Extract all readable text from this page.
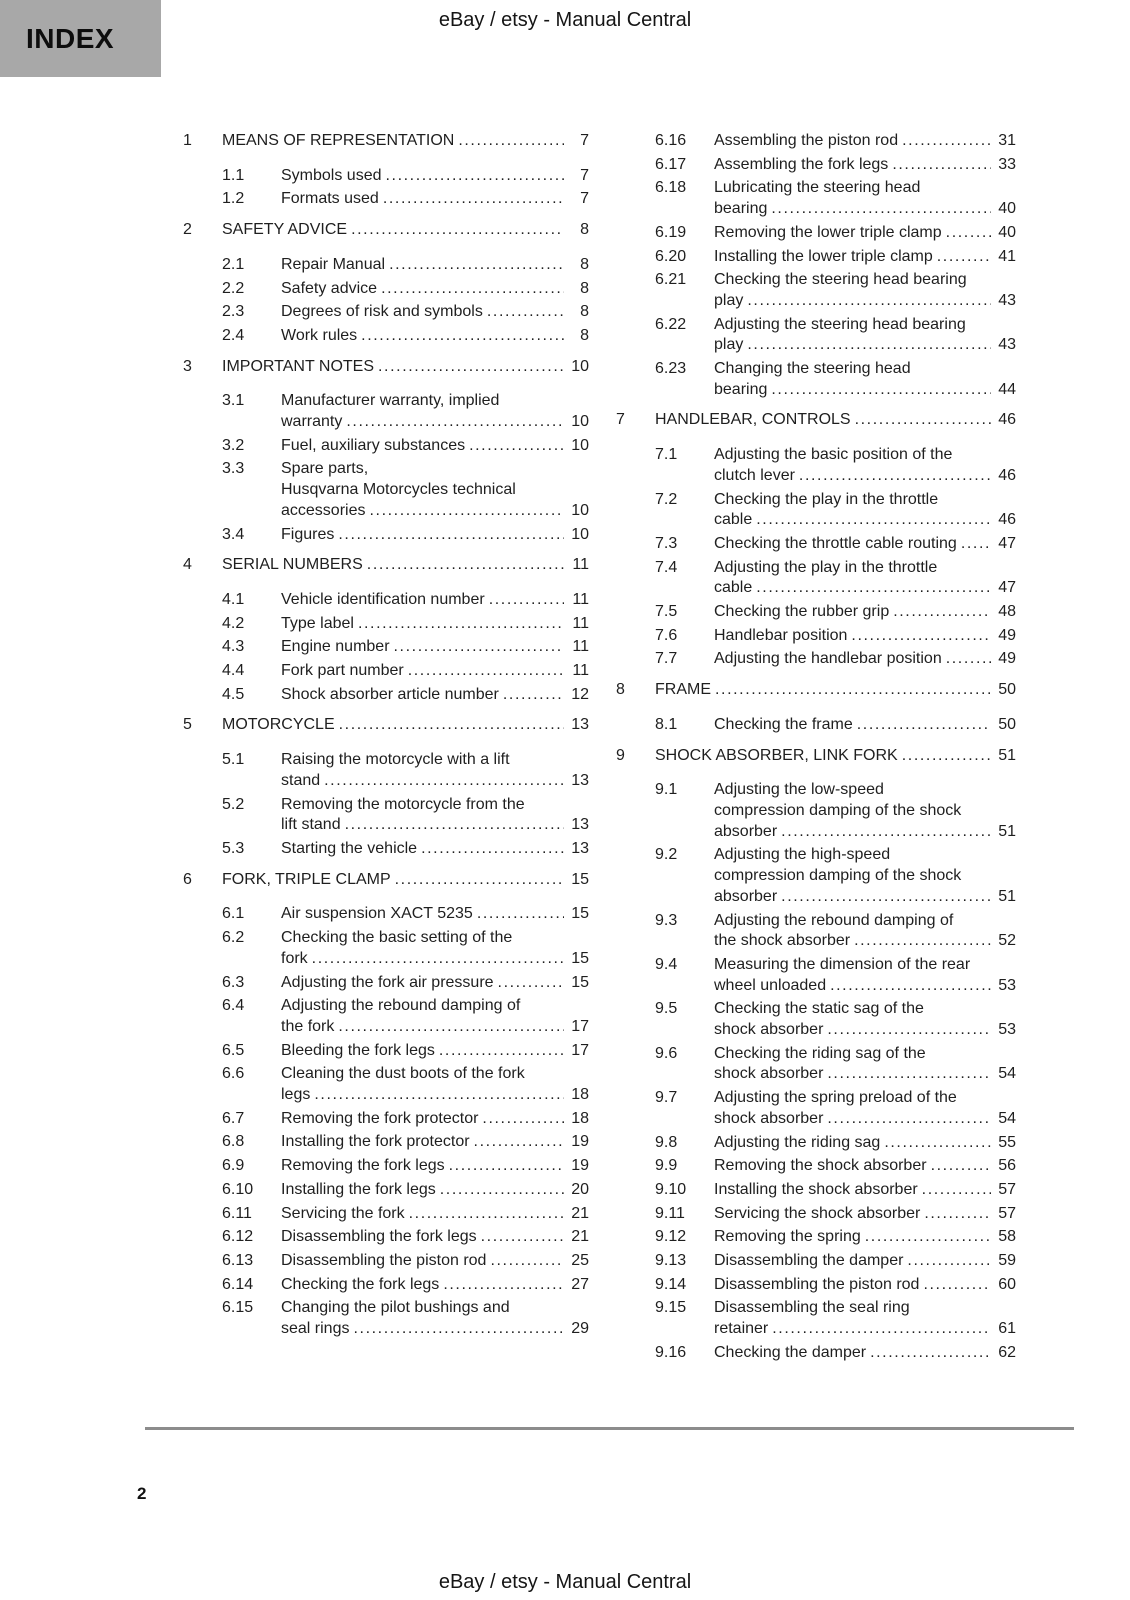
INDEX
eBay / etsy - Manual Central
1	MEANS OF REPRESENTATION .....	7
1.1	Symbols used .....	7
1.2	Formats used .....	7
2	SAFETY ADVICE .....	8
2.1	Repair Manual .....	8
2.2	Safety advice .....	8
2.3	Degrees of risk and symbols .....	8
2.4	Work rules .....	8
3	IMPORTANT NOTES .....	10
3.1	Manufacturer warranty, implied
warranty .....	10
3.2	Fuel, auxiliary substances .....	10
3.3	Spare parts,
Husqvarna Motorcycles technical
accessories .....	10
3.4	Figures .....	10
4	SERIAL NUMBERS .....	11
4.1	Vehicle identification number .....	11
4.2	Type label .....	11
4.3	Engine number .....	11
4.4	Fork part number .....	11
4.5	Shock absorber article number .....	12
5	MOTORCYCLE .....	13
5.1	Raising the motorcycle with a lift
stand .....	13
5.2	Removing the motorcycle from the
lift stand .....	13
5.3	Starting the vehicle .....	13
6	FORK, TRIPLE CLAMP .....	15
6.1	Air suspension XACT 5235 .....	15
6.2	Checking the basic setting of the
fork .....	15
6.3	Adjusting the fork air pressure .....	15
6.4	Adjusting the rebound damping of
the fork .....	17
6.5	Bleeding the fork legs .....	17
6.6	Cleaning the dust boots of the fork
legs .....	18
6.7	Removing the fork protector .....	18
6.8	Installing the fork protector .....	19
6.9	Removing the fork legs .....	19
6.10	Installing the fork legs .....	20
6.11	Servicing the fork .....	21
6.12	Disassembling the fork legs .....	21
6.13	Disassembling the piston rod .....	25
6.14	Checking the fork legs .....	27
6.15	Changing the pilot bushings and
seal rings .....	29
6.16	Assembling the piston rod .....	31
6.17	Assembling the fork legs .....	33
6.18	Lubricating the steering head
bearing .....	40
6.19	Removing the lower triple clamp .....	40
6.20	Installing the lower triple clamp .....	41
6.21	Checking the steering head bearing
play .....	43
6.22	Adjusting the steering head bearing
play .....	43
6.23	Changing the steering head
bearing .....	44
7	HANDLEBAR, CONTROLS .....	46
7.1	Adjusting the basic position of the
clutch lever .....	46
7.2	Checking the play in the throttle
cable .....	46
7.3	Checking the throttle cable routing .....	47
7.4	Adjusting the play in the throttle
cable .....	47
7.5	Checking the rubber grip .....	48
7.6	Handlebar position .....	49
7.7	Adjusting the handlebar position .....	49
8	FRAME .....	50
8.1	Checking the frame .....	50
9	SHOCK ABSORBER, LINK FORK .....	51
9.1	Adjusting the low-speed
compression damping of the shock
absorber .....	51
9.2	Adjusting the high-speed
compression damping of the shock
absorber .....	51
9.3	Adjusting the rebound damping of
the shock absorber .....	52
9.4	Measuring the dimension of the rear
wheel unloaded .....	53
9.5	Checking the static sag of the
shock absorber .....	53
9.6	Checking the riding sag of the
shock absorber .....	54
9.7	Adjusting the spring preload of the
shock absorber .....	54
9.8	Adjusting the riding sag .....	55
9.9	Removing the shock absorber .....	56
9.10	Installing the shock absorber .....	57
9.11	Servicing the shock absorber .....	57
9.12	Removing the spring .....	58
9.13	Disassembling the damper .....	59
9.14	Disassembling the piston rod .....	60
9.15	Disassembling the seal ring
retainer .....	61
9.16	Checking the damper .....	62
2
eBay / etsy - Manual Central
